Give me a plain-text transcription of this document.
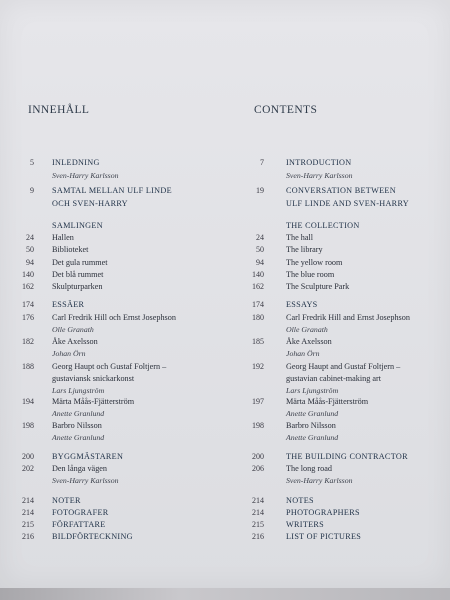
INNEHÅLL	CONTENTS
5 INLEDNING
Sven-Harry Karlsson
9 SAMTAL MELLAN ULF LINDE
OCH SVEN-HARRY
SAMLINGEN
24 Hallen
50 Biblioteket
94 Det gula rummet
140 Det blå rummet
162 Skulpturparken
174 ESSÄER
176 Carl Fredrik Hill och Ernst Josephson
Olle Granath
182 Åke Axelsson
Johan Örn
188 Georg Haupt och Gustaf Foltjern –
gustaviansk snickarkonst
Lars Ljungström
194 Märta Måås-Fjätterström
Anette Granlund
198 Barbro Nilsson
Anette Granlund
200 BYGGMÄSTAREN
202 Den långa vägen
Sven-Harry Karlsson
214 NOTER
214 FOTOGRAFER
215 FÖRFATTARE
216 BILDFÖRTECKNING
7	INTRODUCTION
Sven-Harry Karlsson
19	CONVERSATION BETWEEN
ULF LINDE AND SVEN-HARRY
THE COLLECTION
24	The hall
50	The library
94	The yellow room
140	The blue room
162	The Sculpture Park
174	ESSAYS
180	Carl Fredrik Hill and Ernst Josephson
Olle Granath
185	Åke Axelsson
Johan Örn
192	Georg Haupt and Gustaf Foltjern –
gustavian cabinet-making art
Lars Ljungström
197	Märta Måås-Fjätterström
Anette Granlund
198	Barbro Nilsson
Anette Granlund
200	THE BUILDING CONTRACTOR
206	The long road
Sven-Harry Karlsson
214	NOTES
214	PHOTOGRAPHERS
215	WRITERS
216	LIST OF PICTURES
